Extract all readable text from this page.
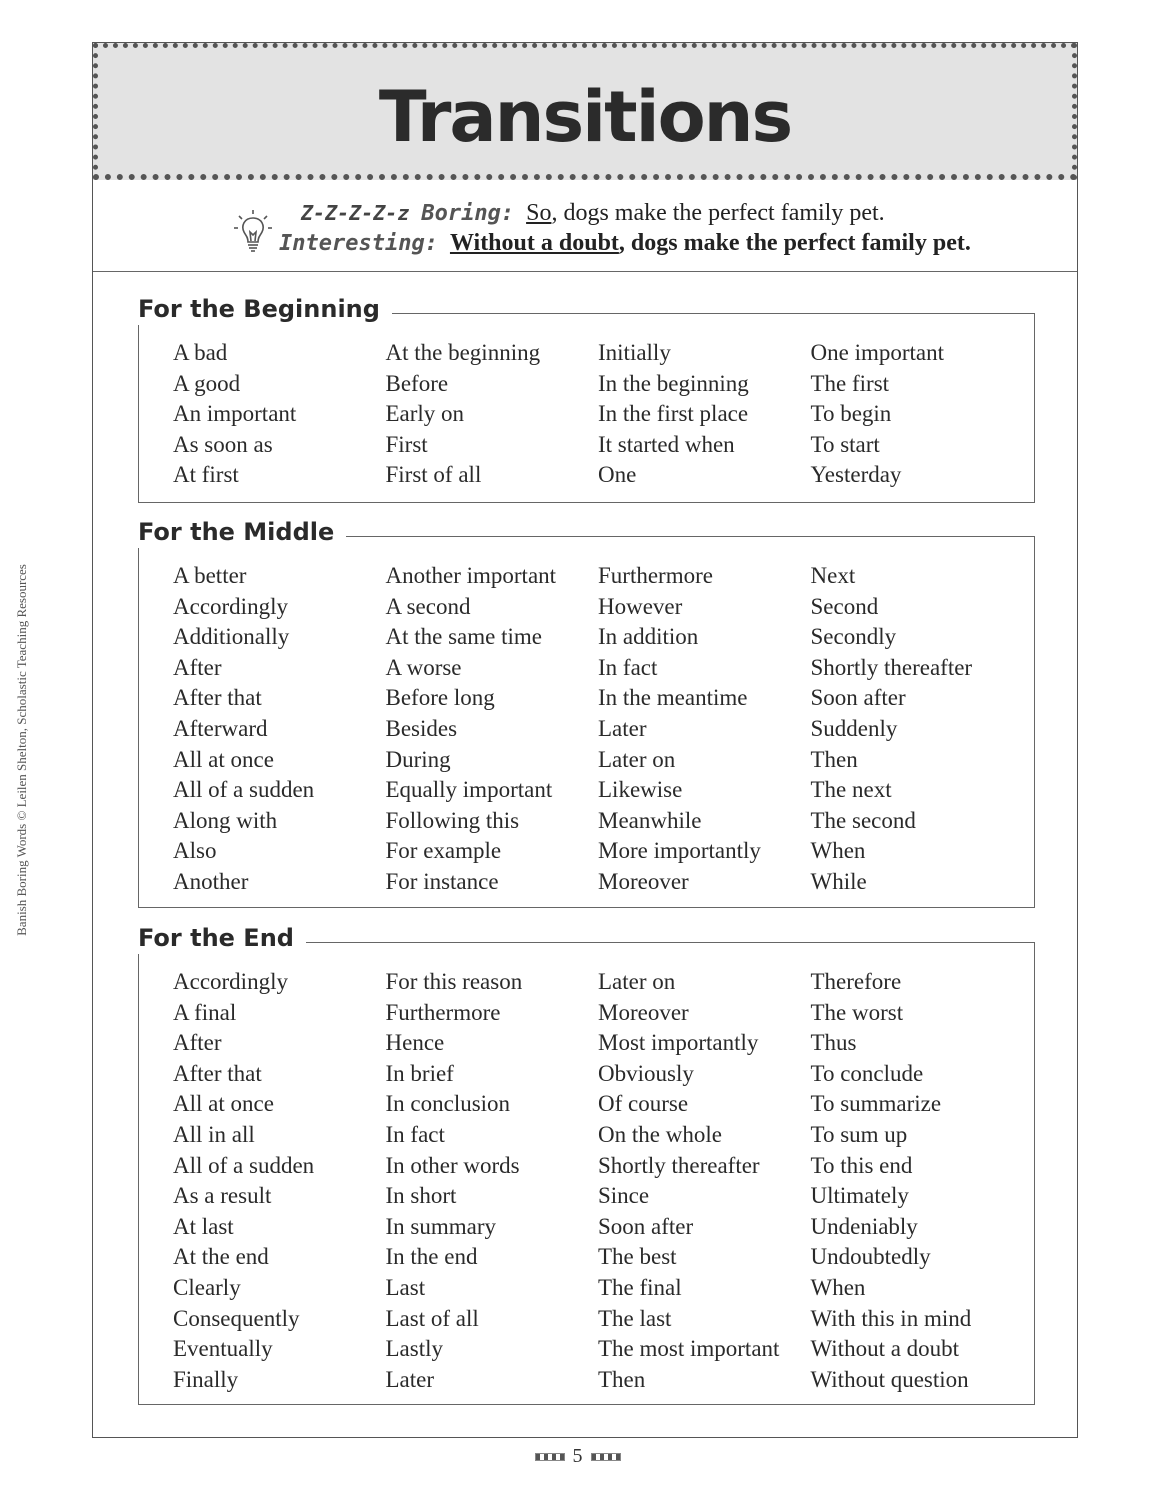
Banish Boring Words © Leilen Shelton, Scholastic Teaching Resources
Transitions
Z-Z-Z-Z-z Boring: So, dogs make the perfect family pet.
Interesting: Without a doubt, dogs make the perfect family pet.
For the Beginning
A bad
A good
An important
As soon as
At first
At the beginning
Before
Early on
First
First of all
Initially
In the beginning
In the first place
It started when
One
One important
The first
To begin
To start
Yesterday
For the Middle
A better
Accordingly
Additionally
After
After that
Afterward
All at once
All of a sudden
Along with
Also
Another
Another important
A second
At the same time
A worse
Before long
Besides
During
Equally important
Following this
For example
For instance
Furthermore
However
In addition
In fact
In the meantime
Later
Later on
Likewise
Meanwhile
More importantly
Moreover
Next
Second
Secondly
Shortly thereafter
Soon after
Suddenly
Then
The next
The second
When
While
For the End
Accordingly
A final
After
After that
All at once
All in all
All of a sudden
As a result
At last
At the end
Clearly
Consequently
Eventually
Finally
For this reason
Furthermore
Hence
In brief
In conclusion
In fact
In other words
In short
In summary
In the end
Last
Last of all
Lastly
Later
Later on
Moreover
Most importantly
Obviously
Of course
On the whole
Shortly thereafter
Since
Soon after
The best
The final
The last
The most important
Then
Therefore
The worst
Thus
To conclude
To summarize
To sum up
To this end
Ultimately
Undeniably
Undoubtedly
When
With this in mind
Without a doubt
Without question
5
